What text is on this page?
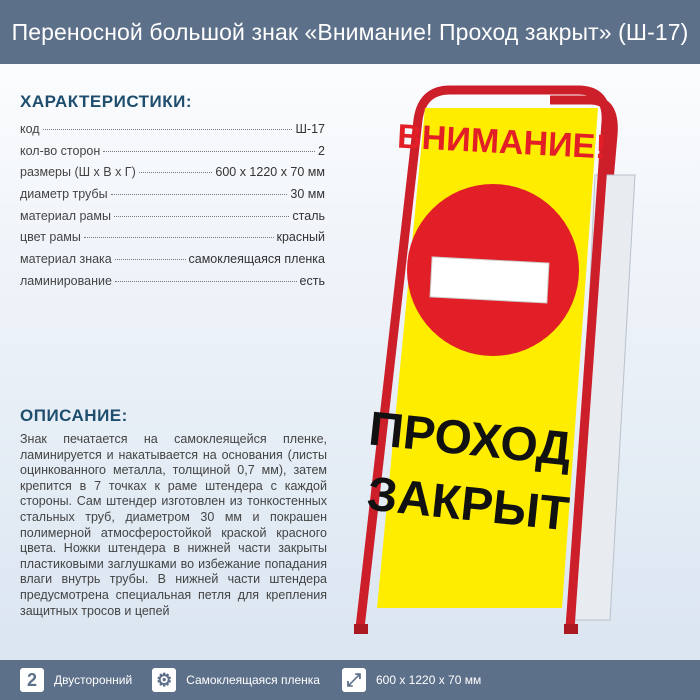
Переносной большой знак «Внимание! Проход закрыт» (Ш-17)
ХАРАКТЕРИСТИКИ:
код	Ш-17
кол-во сторон	2
размеры (Ш х В х Г)	600 х 1220 х 70 мм
диаметр трубы	30 мм
материал рамы	сталь
цвет рамы	красный
материал знака	самоклеящаяся пленка
ламинирование	есть
ОПИСАНИЕ:
Знак печатается на самоклеящейся пленке, ламинируется и накатывается на основания (листы оцинкованного металла, толщиной 0,7 мм), затем крепится в 7 точках к раме штендера с каждой стороны. Сам штендер изготовлен из тонкостенных стальных труб, диаметром 30 мм и покрашен полимерной атмосферостойкой краской красного цвета. Ножки штендера в нижней части закрыты пластиковыми заглушками во избежание попадания влаги внутрь трубы. В нижней части штендера предусмотрена специальная петля для крепления защитных тросов и цепей
ВНИМАНИЕ!
ПРОХОД
ЗАКРЫТ
2	Двусторонний ⚙	Самоклеящаяся пленка ⤢	600 х 1220 х 70 мм
